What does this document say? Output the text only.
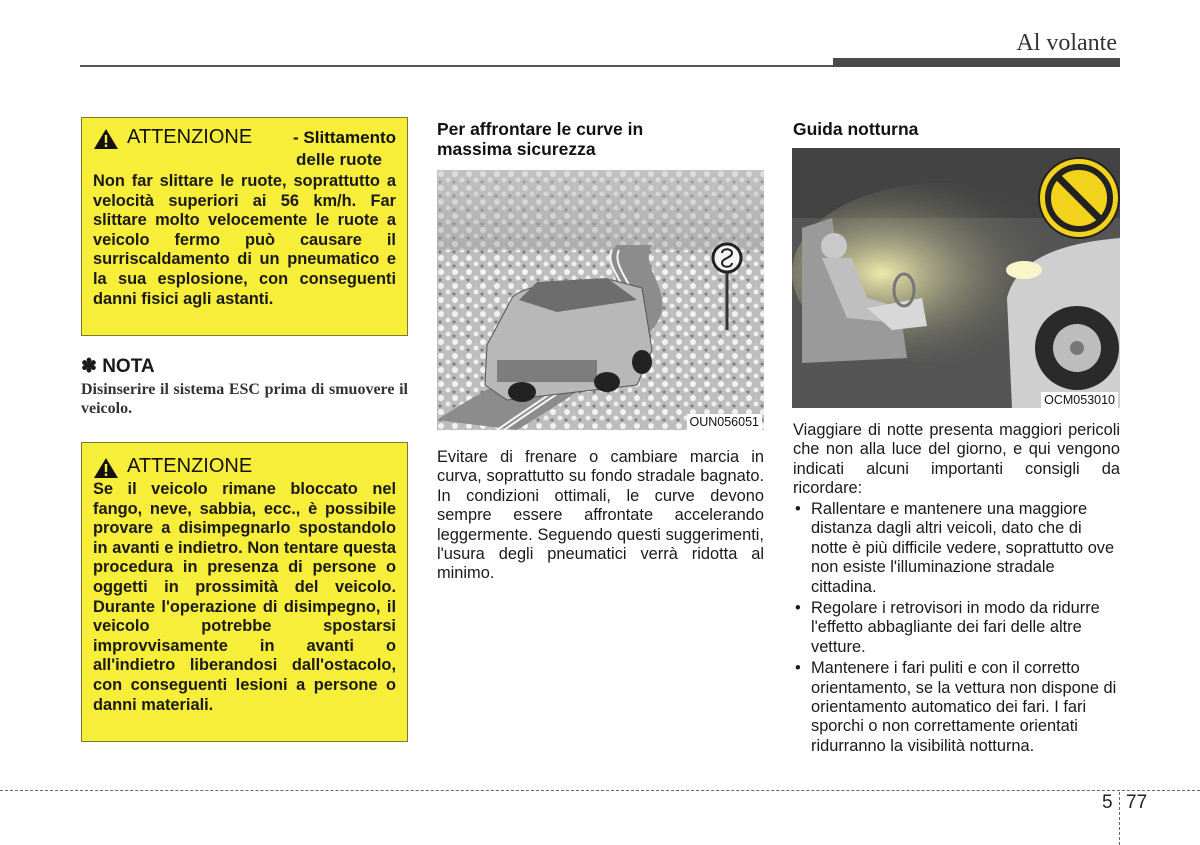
Al volante
ATTENZIONE	- Slittamento
delle ruote
Non far slittare le ruote, soprattutto a velocità superiori ai 56 km/h. Far slittare molto velocemente le ruote a veicolo fermo può causare il surriscaldamento di un pneumatico e la sua esplosione, con conseguenti danni fisici agli astanti.
✽ NOTA
Disinserire il sistema ESC prima di smuovere il veicolo.
ATTENZIONE
Se il veicolo rimane bloccato nel fango, neve, sabbia, ecc., è possibile provare a disimpegnarlo spostandolo in avanti e indietro. Non tentare questa procedura in presenza di persone o oggetti in prossimità del veicolo. Durante l'operazione di disimpegno, il veicolo potrebbe spostarsi improvvisamente in avanti o all'indietro liberandosi dall'ostacolo, con conseguenti lesioni a persone o danni materiali.
Per affrontare le curve in
massima sicurezza
OUN056051
Evitare di frenare o cambiare marcia in curva, soprattutto su fondo stradale bagnato. In condizioni ottimali, le curve devono sempre essere affrontate accelerando leggermente. Seguendo questi suggerimenti, l'usura degli pneumatici verrà ridotta al minimo.
Guida notturna
OCM053010
Viaggiare di notte presenta maggiori pericoli che non alla luce del giorno, e qui vengono indicati alcuni importanti consigli da ricordare:
• Rallentare e mantenere una maggiore distanza dagli altri veicoli, dato che di notte è più difficile vedere, soprattutto ove non esiste l'illuminazione stradale cittadina.
• Regolare i retrovisori in modo da ridurre l'effetto abbagliante dei fari delle altre vetture.
• Mantenere i fari puliti e con il corretto orientamento, se la vettura non dispone di orientamento automatico dei fari. I fari sporchi o non correttamente orientati ridurranno la visibilità notturna.
5 77
